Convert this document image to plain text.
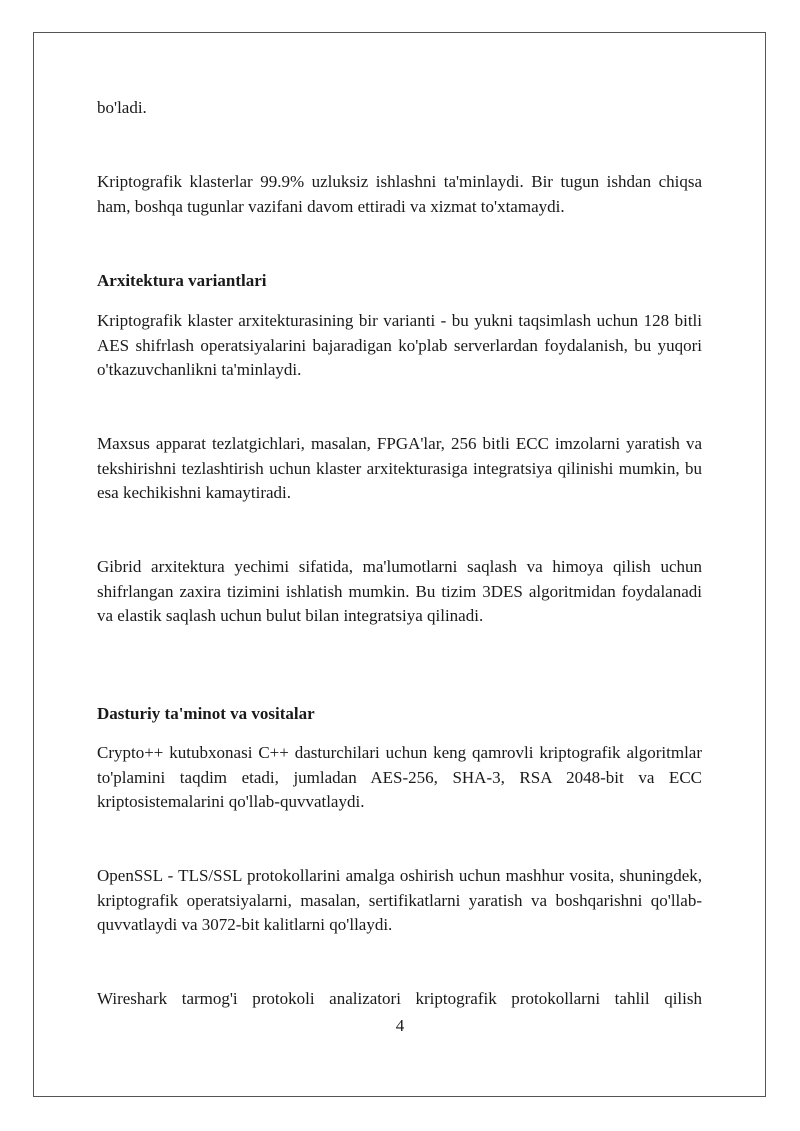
bo'ladi.

Kriptografik klasterlar 99.9% uzluksiz ishlashni ta'minlaydi. Bir tugun ishdan chiqsa ham, boshqa tugunlar vazifani davom ettiradi va xizmat to'xtamaydi.

Arxitektura variantlari

Kriptografik klaster arxitekturasining bir varianti - bu yukni taqsimlash uchun 128 bitli AES shifrlash operatsiyalarini bajaradigan ko'plab serverlardan foydalanish, bu yuqori o'tkazuvchanlikni ta'minlaydi.

Maxsus apparat tezlatgichlari, masalan, FPGA'lar, 256 bitli ECC imzolarni yaratish va tekshirishni tezlashtirish uchun klaster arxitekturasiga integratsiya qilinishi mumkin, bu esa kechikishni kamaytiradi.

Gibrid arxitektura yechimi sifatida, ma'lumotlarni saqlash va himoya qilish uchun shifrlangan zaxira tizimini ishlatish mumkin. Bu tizim 3DES algoritmidan foydalanadi va elastik saqlash uchun bulut bilan integratsiya qilinadi.

Dasturiy ta'minot va vositalar

Crypto++ kutubxonasi C++ dasturchilari uchun keng qamrovli kriptografik algoritmlar to'plamini taqdim etadi, jumladan AES-256, SHA-3, RSA 2048-bit va ECC kriptosistemalarini qo'llab-quvvatlaydi.

OpenSSL - TLS/SSL protokollarini amalga oshirish uchun mashhur vosita, shuningdek, kriptografik operatsiyalarni, masalan, sertifikatlarni yaratish va boshqarishni qo'llab-quvvatlaydi va 3072-bit kalitlarni qo'llaydi.

Wireshark tarmog'i protokoli analizatori kriptografik protokollarni tahlil qilish

4
